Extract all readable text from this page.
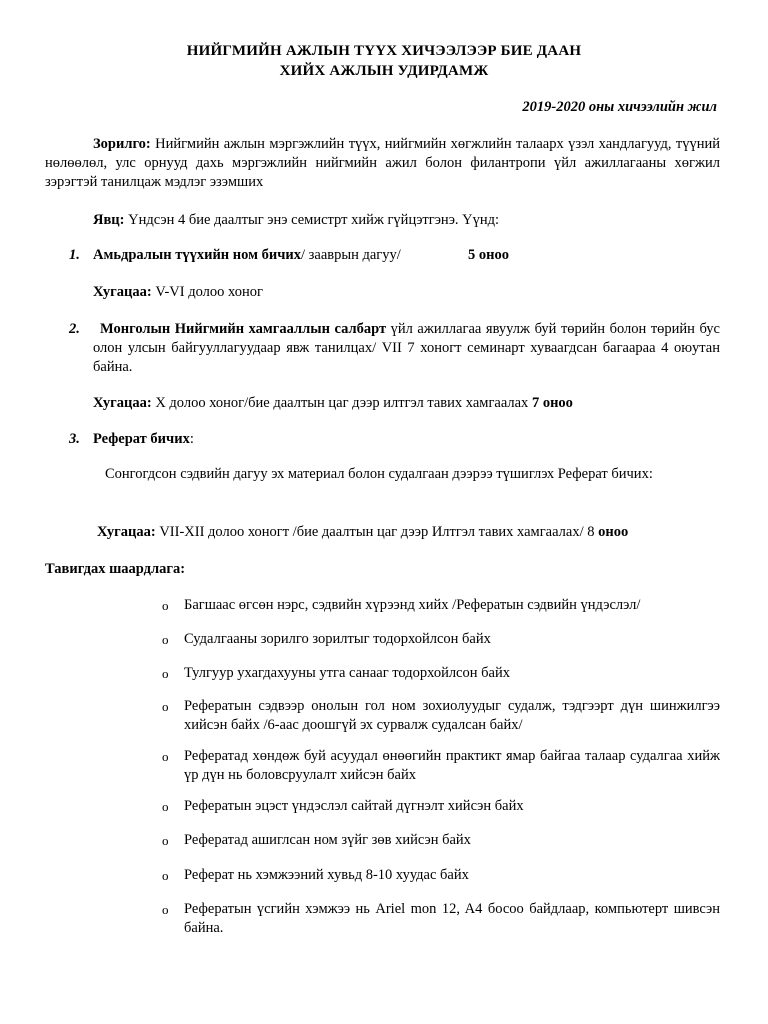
НИЙГМИЙН АЖЛЫН ТҮҮХ ХИЧЭЭЛЭЭР БИЕ ДААН
ХИЙХ АЖЛЫН УДИРДАМЖ
2019-2020 оны хичээлийн жил
Зорилго: Нийгмийн ажлын мэргэжлийн түүх, нийгмийн хөгжлийн талаарх үзэл хандлагууд, түүний нөлөөлөл, улс орнууд дахь мэргэжлийн нийгмийн ажил болон филантропи үйл ажиллагааны хөгжил зэрэгтэй танилцаж мэдлэг эзэмших
Явц: Үндсэн 4 бие даалтыг энэ семистрт хийж гүйцэтгэнэ. Үүнд:
1. Амьдралын түүхийн ном бичих/ зааврын дагуу/	5 оноо
Хугацаа: V-VI долоо хоног
2.	Монголын Нийгмийн хамгааллын салбарт үйл ажиллагаа явуулж буй төрийн болон төрийн бус олон улсын байгууллагуудаар явж танилцах/ VII 7 хоногт семинарт хуваагдсан багаараа 4 оюутан байна.
Хугацаа: X долоо хоног/бие даалтын цаг дээр илтгэл тавих хамгаалах 7 оноо
3. Реферат бичих:
Сонгогдсон сэдвийн дагуу эх материал болон судалгаан дээрээ түшиглэх Реферат бичих:
Хугацаа: VII-XII долоо хоногт /бие даалтын цаг дээр Илтгэл тавих хамгаалах/ 8 оноо
Тавигдах шаардлага:
o Багшаас өгсөн нэрс, сэдвийн хүрээнд хийх /Рефератын сэдвийн үндэслэл/
o Судалгааны зорилго зорилтыг тодорхойлсон байх
o Тулгуур ухагдахууны утга санааг тодорхойлсон байх
o Рефератын сэдвээр онолын гол ном зохиолуудыг судалж, тэдгээрт дүн шинжилгээ хийсэн байх /6-аас доошгүй эх сурвалж судалсан байх/
o Рефератад хөндөж буй асуудал өнөөгийн практикт ямар байгаа талаар судалгаа хийж үр дүн нь боловсруулалт хийсэн байх
o Рефератын эцэст үндэслэл сайтай дүгнэлт хийсэн байх
o Рефератад ашиглсан ном зүйг зөв хийсэн байх
o Реферат нь хэмжээний хувьд 8-10 хуудас байх
o Рефератын үсгийн хэмжээ нь Ariel mon 12, A4 босоо байдлаар, компьютерт шивсэн байна.
